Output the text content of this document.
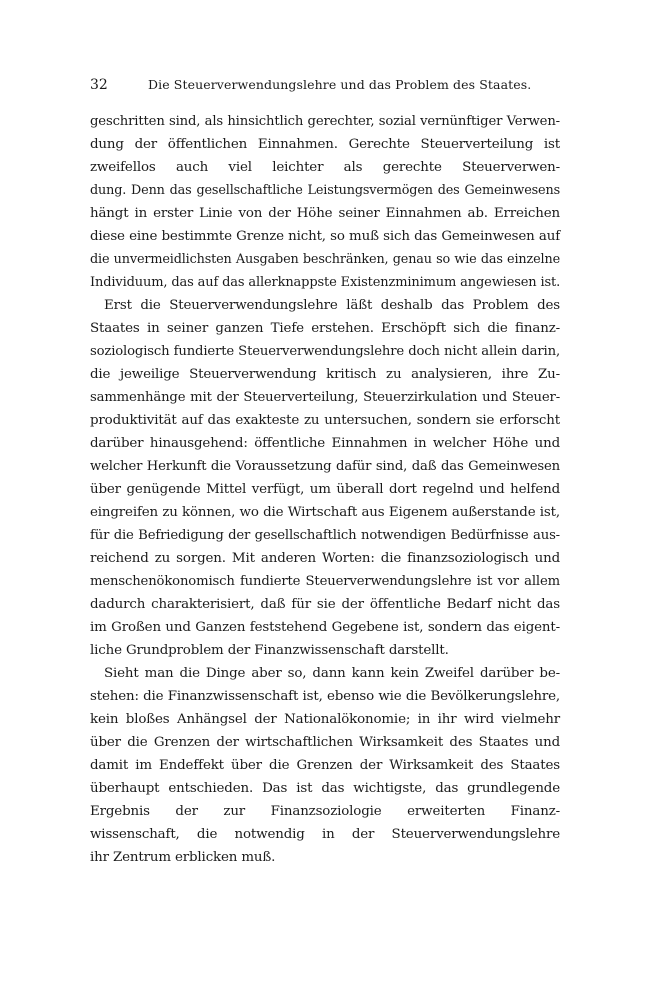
32	Die Steuerverwendungslehre und das Problem des Staates.
geschritten sind, als hinsichtlich gerechter, sozial vernünftiger Verwen-
dung der öffentlichen Einnahmen. Gerechte Steuerverteilung ist
zweifellos auch viel leichter als gerechte Steuerverwen-
dung. Denn das gesellschaftliche Leistungsvermögen des Gemeinwesens
hängt in erster Linie von der Höhe seiner Einnahmen ab. Erreichen
diese eine bestimmte Grenze nicht, so muß sich das Gemeinwesen auf
die unvermeidlichsten Ausgaben beschränken, genau so wie das einzelne
Individuum, das auf das allerknappste Existenzminimum angewiesen ist.
Erst die Steuerverwendungslehre läßt deshalb das Problem des
Staates in seiner ganzen Tiefe erstehen. Erschöpft sich die finanz-
soziologisch fundierte Steuerverwendungslehre doch nicht allein darin,
die jeweilige Steuerverwendung kritisch zu analysieren, ihre Zu-
sammenhänge mit der Steuerverteilung, Steuerzirkulation und Steuer-
produktivität auf das exakteste zu untersuchen, sondern sie erforscht
darüber hinausgehend: öffentliche Einnahmen in welcher Höhe und
welcher Herkunft die Voraussetzung dafür sind, daß das Gemeinwesen
über genügende Mittel verfügt, um überall dort regelnd und helfend
eingreifen zu können, wo die Wirtschaft aus Eigenem außerstande ist,
für die Befriedigung der gesellschaftlich notwendigen Bedürfnisse aus-
reichend zu sorgen. Mit anderen Worten: die finanzsoziologisch und
menschenökonomisch fundierte Steuerverwendungslehre ist vor allem
dadurch charakterisiert, daß für sie der öffentliche Bedarf nicht das
im Großen und Ganzen feststehend Gegebene ist, sondern das eigent-
liche Grundproblem der Finanzwissenschaft darstellt.
Sieht man die Dinge aber so, dann kann kein Zweifel darüber be-
stehen: die Finanzwissenschaft ist, ebenso wie die Bevölkerungslehre,
kein bloßes Anhängsel der Nationalökonomie; in ihr wird vielmehr
über die Grenzen der wirtschaftlichen Wirksamkeit des Staates und
damit im Endeffekt über die Grenzen der Wirksamkeit des Staates
überhaupt entschieden. Das ist das wichtigste, das grundlegende
Ergebnis der zur Finanzsoziologie erweiterten Finanz-
wissenschaft, die notwendig in der Steuerverwendungslehre
ihr Zentrum erblicken muß.
